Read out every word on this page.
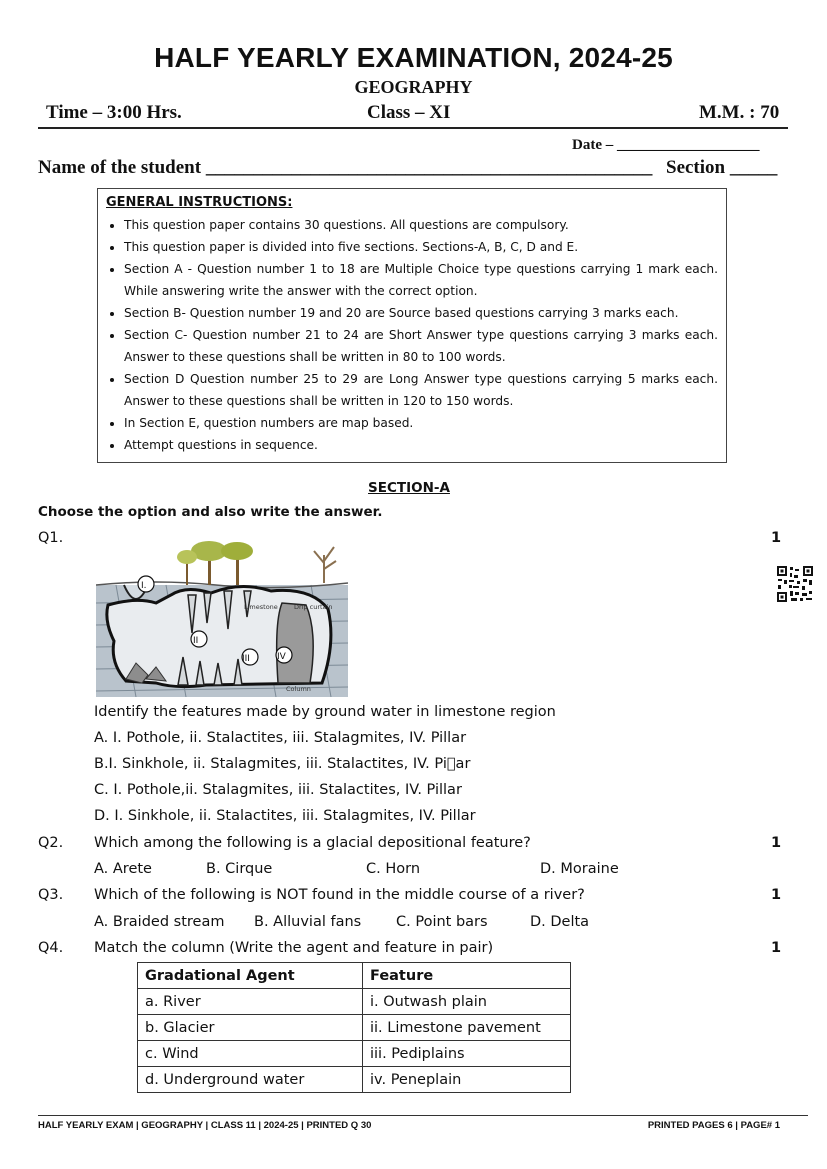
HALF YEARLY EXAMINATION, 2024-25
GEOGRAPHY
Time – 3:00 Hrs.	Class – XI	M.M. : 70
Date – ___________________
Name of the student _______________________________________________ Section _____
GENERAL INSTRUCTIONS:
• This question paper contains 30 questions. All questions are compulsory.
• This question paper is divided into five sections. Sections-A, B, C, D and E.
• Section A - Question number 1 to 18 are Multiple Choice type questions carrying 1 mark each. While answering write the answer with the correct option.
• Section B- Question number 19 and 20 are Source based questions carrying 3 marks each.
• Section C- Question number 21 to 24 are Short Answer type questions carrying 3 marks each. Answer to these questions shall be written in 80 to 100 words.
• Section D Question number 25 to 29 are Long Answer type questions carrying 5 marks each. Answer to these questions shall be written in 120 to 150 words.
• In Section E, question numbers are map based.
• Attempt questions in sequence.
SECTION-A
Choose the option and also write the answer.
Q1.	1
I.
II
III	IV
Limestone Drip curtain
Column
Identify the features made by ground water in limestone region
A. I. Pothole, ii. Stalactites, iii. Stalagmites, IV. Pillar
B.I. Sinkhole, ii. Stalagmites, iii. Stalactites, IV. Pi ar
C. I. Pothole,ii. Stalagmites, iii. Stalactites, IV. Pillar
D. I. Sinkhole, ii. Stalactites, iii. Stalagmites, IV. Pillar
Q2. Which among the following is a glacial depositional feature?	1
A. Arete	B. Cirque	C. Horn	D. Moraine
Q3. Which of the following is NOT found in the middle course of a river?	1
A. Braided stream B. Alluvial fans C. Point bars	D. Delta
Q4. Match the column (Write the agent and feature in pair)	1
Gradational Agent	Feature
a. River	i. Outwash plain
b. Glacier	ii. Limestone pavement
c. Wind	iii. Pediplains
d. Underground water	iv. Peneplain
HALF YEARLY EXAM | GEOGRAPHY | CLASS 11 | 2024-25 | PRINTED Q 30	PRINTED PAGES 6 | PAGE# 1
